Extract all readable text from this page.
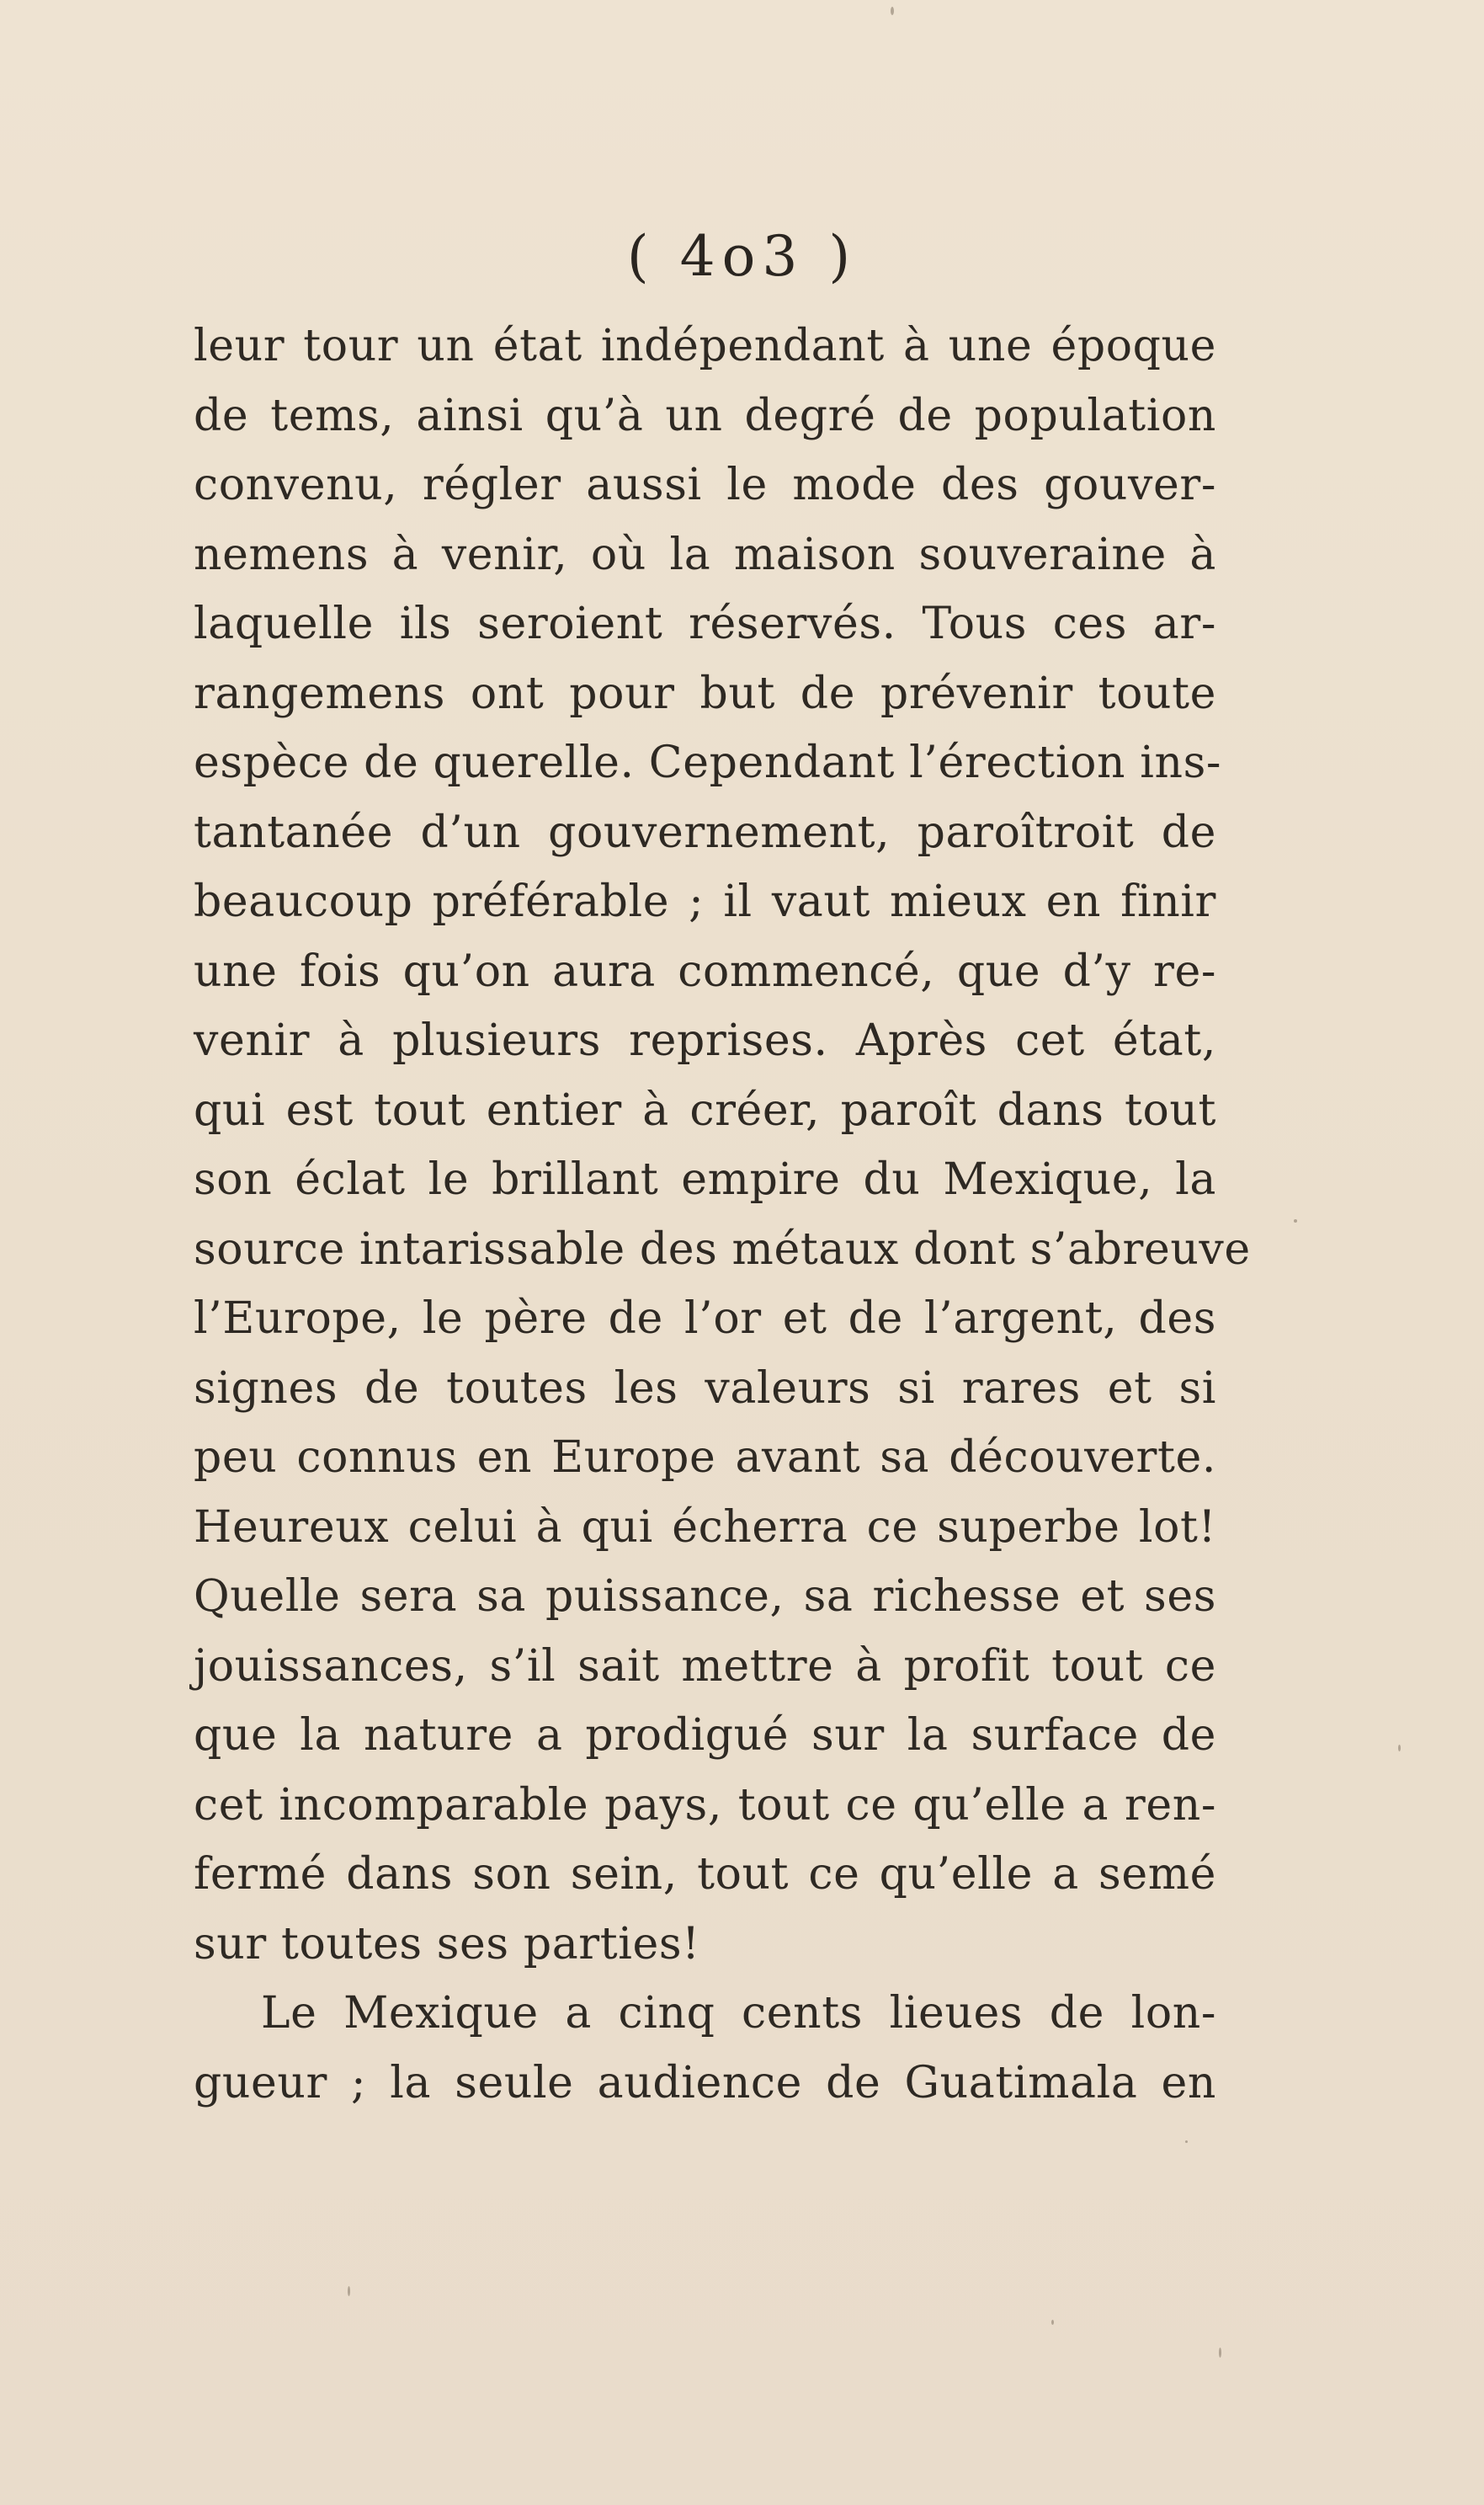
( 4o3 )
leur tour un état indépendant à une époque
de tems, ainsi qu’à un degré de population
convenu, régler aussi le mode des gouver-
nemens à venir, où la maison souveraine à
laquelle ils seroient réservés. Tous ces ar-
rangemens ont pour but de prévenir toute
espèce de querelle. Cependant l’érection ins-
tantanée d’un gouvernement, paroîtroit de
beaucoup préférable ; il vaut mieux en finir
une fois qu’on aura commencé, que d’y re-
venir à plusieurs reprises. Après cet état,
qui est tout entier à créer, paroît dans tout
son éclat le brillant empire du Mexique, la
source intarissable des métaux dont s’abreuve
l’Europe, le père de l’or et de l’argent, des
signes de toutes les valeurs si rares et si
peu connus en Europe avant sa découverte.
Heureux celui à qui écherra ce superbe lot!
Quelle sera sa puissance, sa richesse et ses
jouissances, s’il sait mettre à profit tout ce
que la nature a prodigué sur la surface de
cet incomparable pays, tout ce qu’elle a ren-
fermé dans son sein, tout ce qu’elle a semé
sur toutes ses parties!
Le Mexique a cinq cents lieues de lon-
gueur ; la seule audience de Guatimala en
